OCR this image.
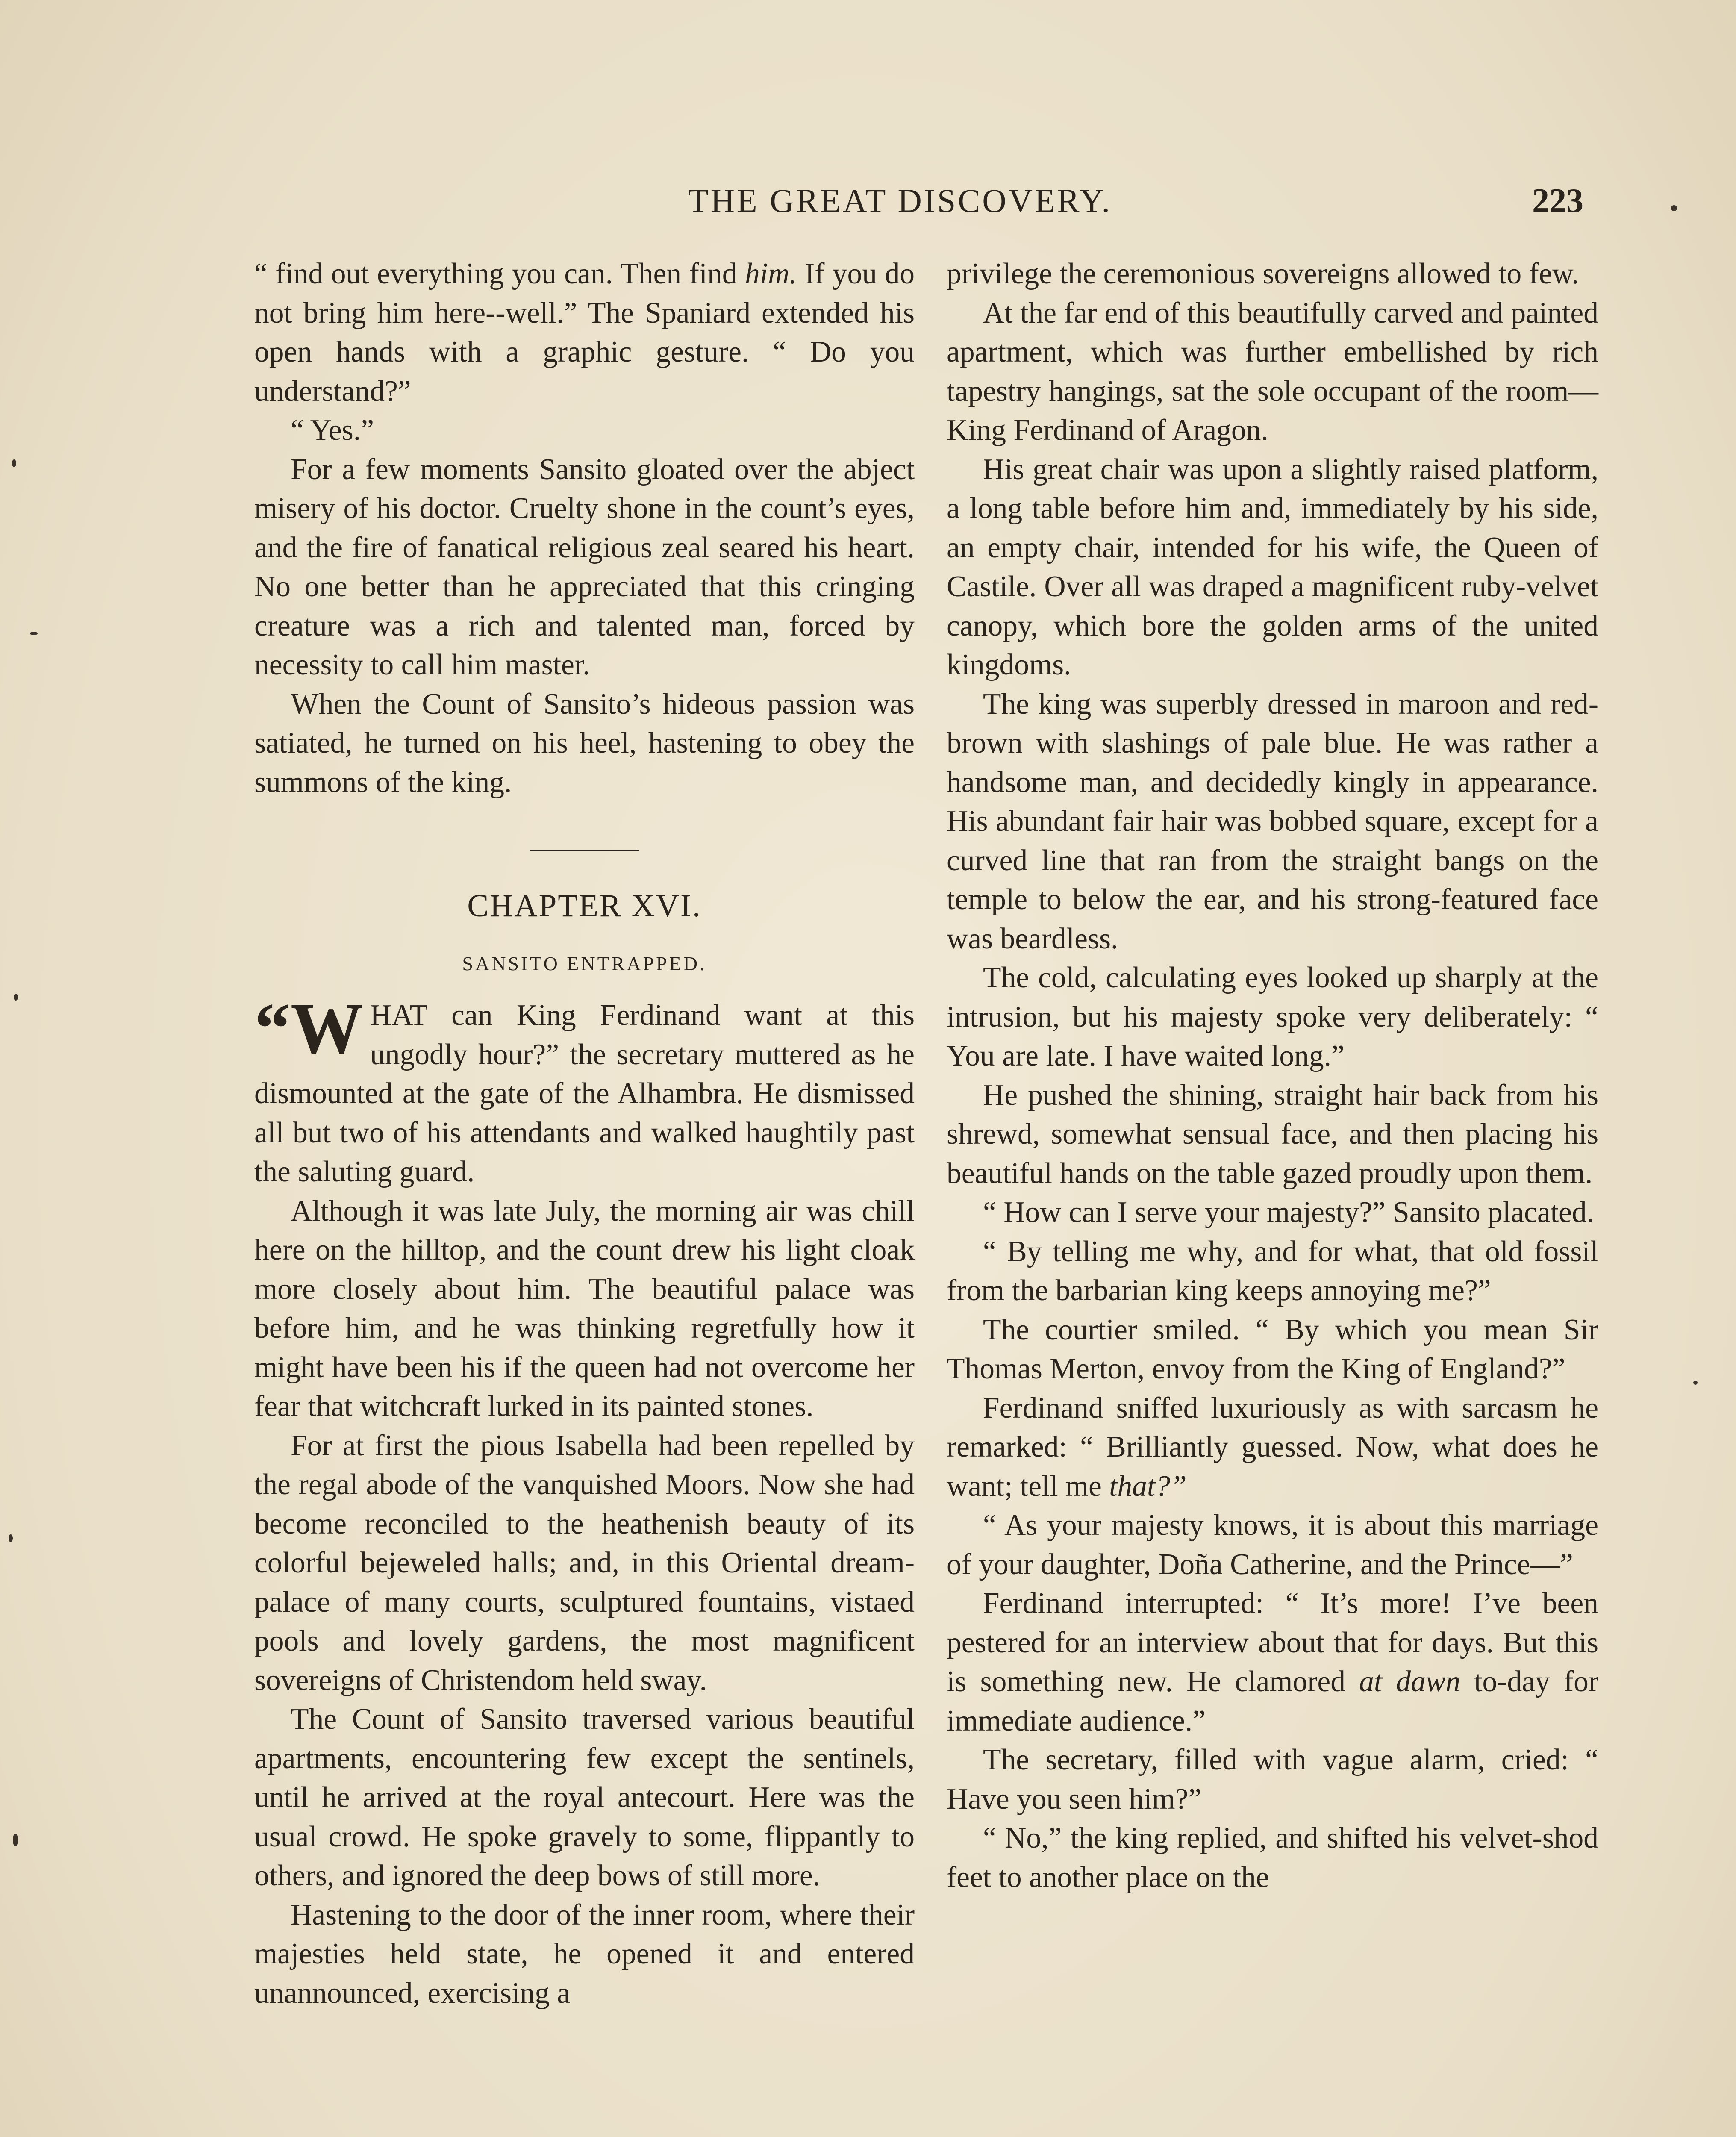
THE GREAT DISCOVERY.	223

“ find out everything you can. Then find him. If you do not bring him here--well.” The Spaniard extended his open hands with a graphic gesture. “ Do you understand?”

“ Yes.”

For a few moments Sansito gloated over the abject misery of his doctor. Cruelty shone in the count’s eyes, and the fire of fanatical religious zeal seared his heart. No one better than he appreciated that this cringing creature was a rich and talented man, forced by necessity to call him master.

When the Count of Sansito’s hideous passion was satiated, he turned on his heel, hastening to obey the summons of the king.

CHAPTER XVI.
SANSITO ENTRAPPED.

“W HAT can King Ferdinand want at this ungodly hour?” the secretary muttered as he dismounted at the gate of the Alhambra. He dismissed all but two of his attendants and walked haughtily past the saluting guard.

Although it was late July, the morning air was chill here on the hilltop, and the count drew his light cloak more closely about him. The beautiful palace was before him, and he was thinking regretfully how it might have been his if the queen had not overcome her fear that witchcraft lurked in its painted stones.

For at first the pious Isabella had been repelled by the regal abode of the vanquished Moors. Now she had become reconciled to the heathenish beauty of its colorful bejeweled halls; and, in this Oriental dream-palace of many courts, sculptured fountains, vistaed pools and lovely gardens, the most magnificent sovereigns of Christendom held sway.

The Count of Sansito traversed various beautiful apartments, encountering few except the sentinels, until he arrived at the royal antecourt. Here was the usual crowd. He spoke gravely to some, flippantly to others, and ignored the deep bows of still more.

Hastening to the door of the inner room, where their majesties held state, he opened it and entered unannounced, exercising a

privilege the ceremonious sovereigns allowed to few.

At the far end of this beautifully carved and painted apartment, which was further embellished by rich tapestry hangings, sat the sole occupant of the room—King Ferdinand of Aragon.

His great chair was upon a slightly raised platform, a long table before him and, immediately by his side, an empty chair, intended for his wife, the Queen of Castile. Over all was draped a magnificent ruby-velvet canopy, which bore the golden arms of the united kingdoms.

The king was superbly dressed in maroon and red-brown with slashings of pale blue. He was rather a handsome man, and decidedly kingly in appearance. His abundant fair hair was bobbed square, except for a curved line that ran from the straight bangs on the temple to below the ear, and his strong-featured face was beardless.

The cold, calculating eyes looked up sharply at the intrusion, but his majesty spoke very deliberately: “ You are late. I have waited long.”

He pushed the shining, straight hair back from his shrewd, somewhat sensual face, and then placing his beautiful hands on the table gazed proudly upon them.

“ How can I serve your majesty?” Sansito placated.

“ By telling me why, and for what, that old fossil from the barbarian king keeps annoying me?”

The courtier smiled. “ By which you mean Sir Thomas Merton, envoy from the King of England?”

Ferdinand sniffed luxuriously as with sarcasm he remarked: “ Brilliantly guessed. Now, what does he want; tell me that?”

“ As your majesty knows, it is about this marriage of your daughter, Doña Catherine, and the Prince—”

Ferdinand interrupted: “ It’s more! I’ve been pestered for an interview about that for days. But this is something new. He clamored at dawn to-day for immediate audience.”

The secretary, filled with vague alarm, cried: “ Have you seen him?”

“ No,” the king replied, and shifted his velvet-shod feet to another place on the
